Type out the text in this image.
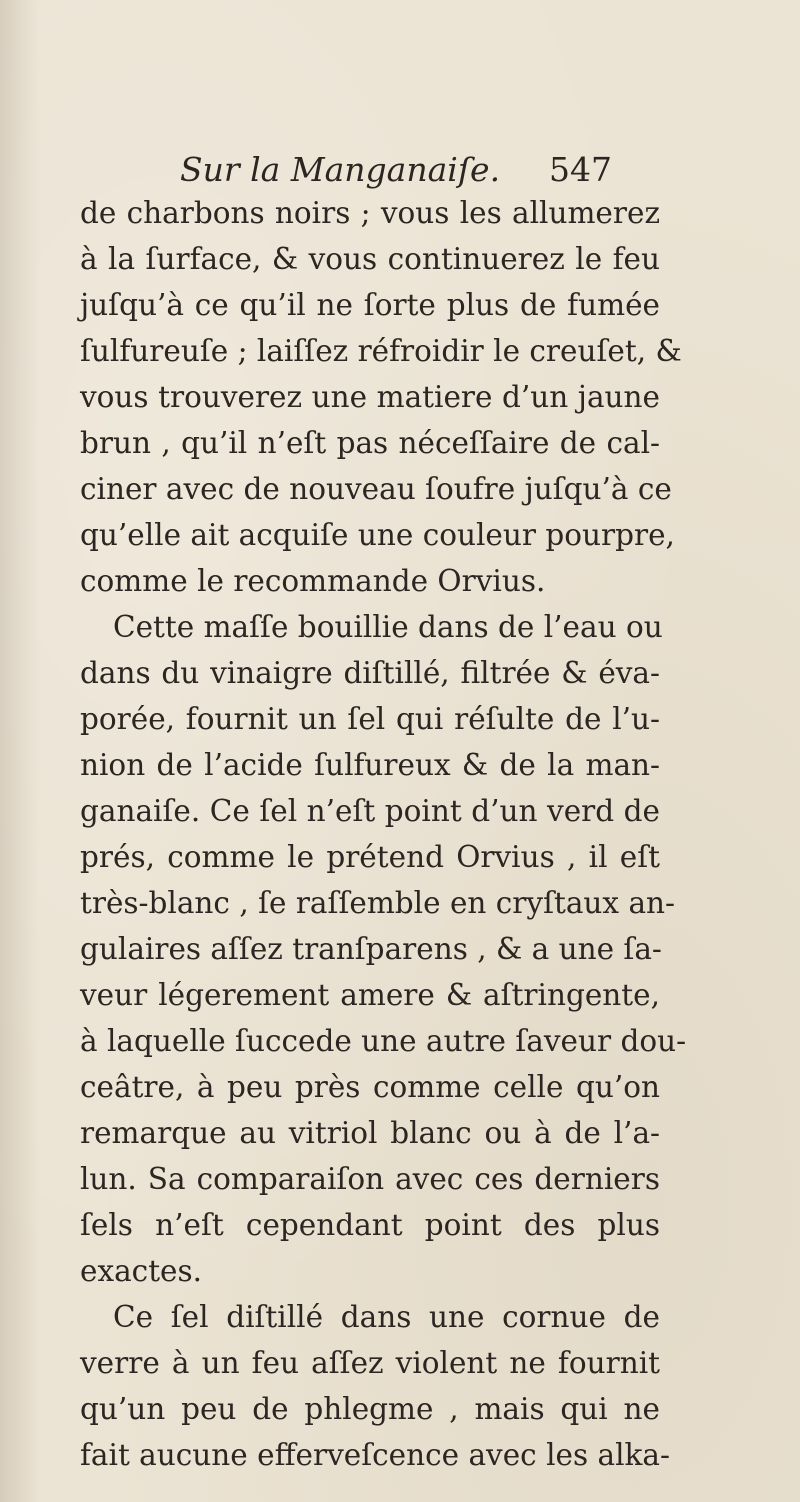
Sur la Manganaiſe. 547
de charbons noirs ; vous les allumerez
à la ſurface, & vous continuerez le feu
juſqu’à ce qu’il ne ſorte plus de fumée
ſulfureuſe ; laiſſez réfroidir le creuſet, &
vous trouverez une matiere d’un jaune
brun , qu’il n’eſt pas néceſſaire de cal-
ciner avec de nouveau ſoufre juſqu’à ce
qu’elle ait acquiſe une couleur pourpre,
comme le recommande Orvius.
Cette maſſe bouillie dans de l’eau ou
dans du vinaigre diſtillé, filtrée & éva-
porée, fournit un ſel qui réſulte de l’u-
nion de l’acide ſulfureux & de la man-
ganaiſe. Ce ſel n’eſt point d’un verd de
prés, comme le prétend Orvius , il eſt
très-blanc , ſe raſſemble en cryſtaux an-
gulaires aſſez tranſparens , & a une ſa-
veur légerement amere & aſtringente,
à laquelle ſuccede une autre ſaveur dou-
ceâtre, à peu près comme celle qu’on
remarque au vitriol blanc ou à de l’a-
lun. Sa comparaiſon avec ces derniers
ſels n’eſt cependant point des plus
exactes.
Ce ſel diſtillé dans une cornue de
verre à un feu aſſez violent ne fournit
qu’un peu de phlegme , mais qui ne
fait aucune efferveſcence avec les alka-
